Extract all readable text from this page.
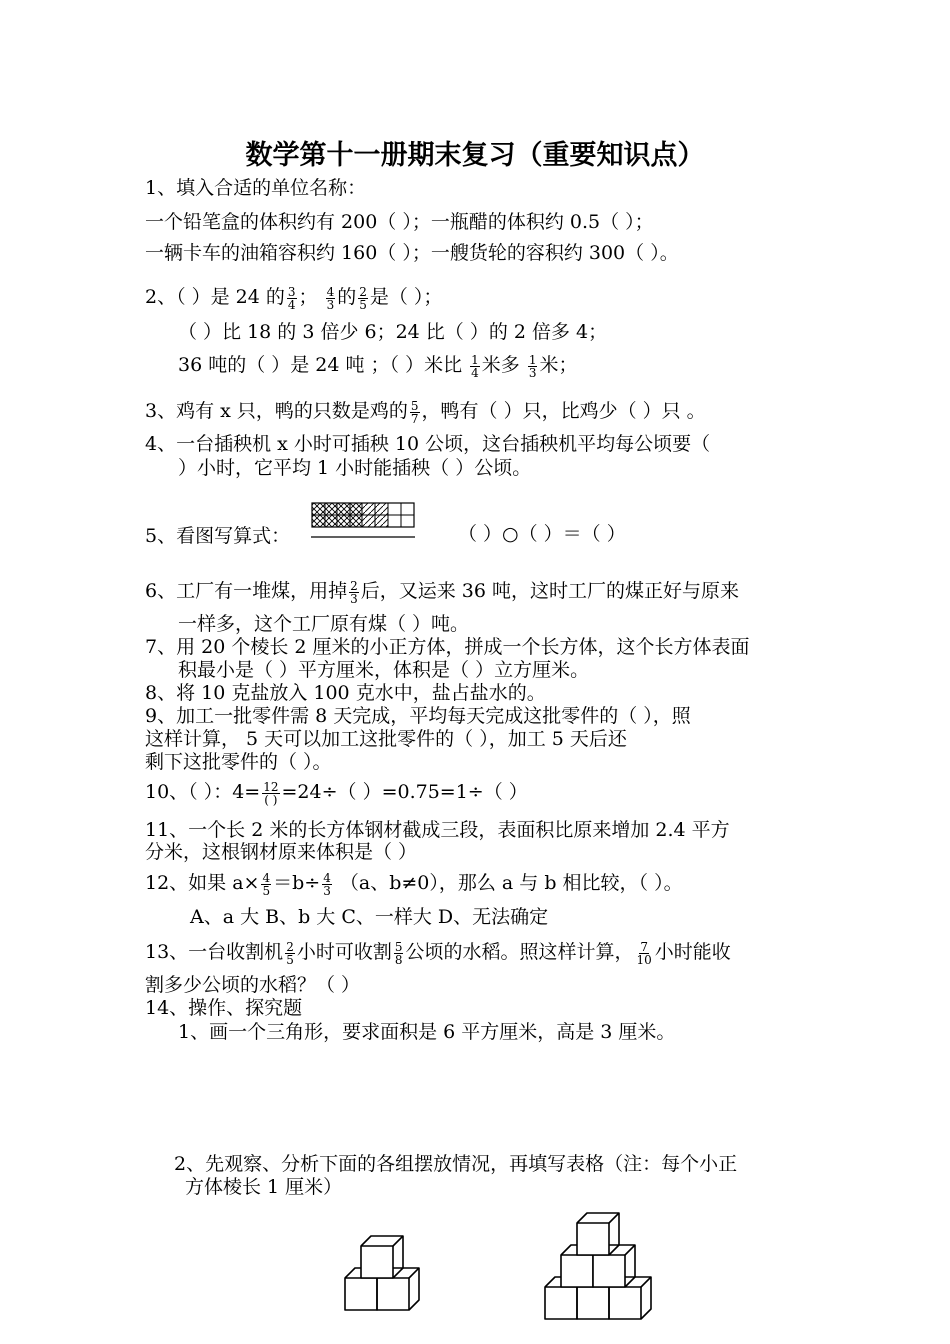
数学第十一册期末复习（重要知识点）
1、填入合适的单位名称：
一个铅笔盒的体积约有 200（ ）；一瓶醋的体积约 0.5（ ）；
一辆卡车的油箱容积约 160（ ）；一艘货轮的容积约 300（ ）。
2、（ ）是 24 的 $\frac{3}{4}$ ； $\frac{4}{3}$ 的 $\frac{2}{5}$ 是（ ）；
（ ）比 18 的 3 倍少 6；24 比（ ）的 2 倍多 4；
36 吨的（ ）是 24 吨 ；（ ）米比 $\frac{1}{4}$ 米多 $\frac{1}{3}$ 米；
3、鸡有 x 只，鸭的只数是鸡的 $\frac{5}{7}$ ，鸭有（ ）只，比鸡少（ ）只 。
4、一台插秧机 x 小时可插秧 10 公顷，这台插秧机平均每公顷要（
）小时，它平均 1 小时能插秧（ ）公顷。
5、看图写算式：	（ ）○（ ）＝（ ）
6、工厂有一堆煤，用掉 $\frac{2}{3}$ 后，又运来 36 吨，这时工厂的煤正好与原来
一样多，这个工厂原有煤（ ）吨。
7、用 20 个棱长 2 厘米的小正方体，拼成一个长方体，这个长方体表面
积最小是（ ）平方厘米，体积是（ ）立方厘米。
8、将 10 克盐放入 100 克水中，盐占盐水的。
9、加工一批零件需 8 天完成，平均每天完成这批零件的（ ），照
这样计算， 5 天可以加工这批零件的（ ），加工 5 天后还
剩下这批零件的（ ）。
10、（ ）：$4= \frac{12}{( )} =24\div$（ ）=0.75=1÷（ ）
11、一个长 2 米的长方体钢材截成三段，表面积比原来增加 2.4 平方
分米，这根钢材原来体积是（ ）
12、如果 $a\times \frac{4}{5} =b\div \frac{4}{3} (a$、b≠0），那么 a 与 b 相比较，（ ）。
A、a 大 B、b 大 C、一样大 D、无法确定
13、一台收割机 $\frac{2}{5}$ 小时可收割 $\frac{5}{8}$ 公顷的水稻。照这样计算， $\frac{7}{10}$ 小时能收
割多少公顷的水稻？（ ）
14、操作、探究题
1、画一个三角形，要求面积是 6 平方厘米，高是 3 厘米。
2、先观察、分析下面的各组摆放情况，再填写表格（注：每个小正
方体棱长 1 厘米）
